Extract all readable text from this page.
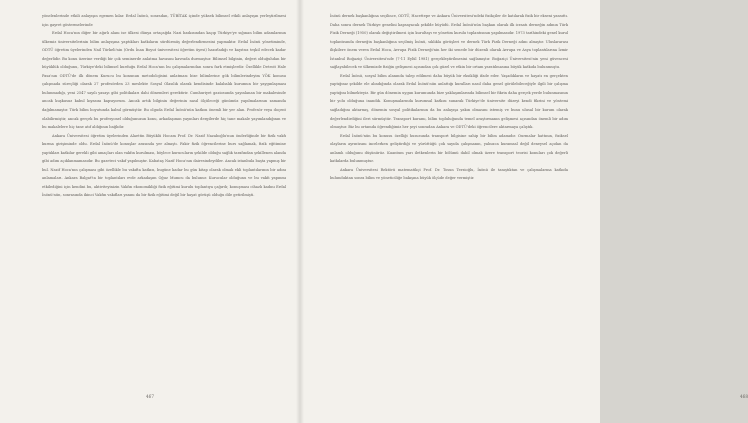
yönelenlerinde etkili anlayışın egemen kılar. Erdal İnönü, sonradan, TÜBİTAK içinde yüksek bilimsel etkili anlayışın yerleştirilmesi için gayret göstermelerinde

Erdal Hoca'nın diğer bir ağırlı alanı ise ülkesi dünya ortaçağda Nazi baskısından kaçıp Türkiye'ye sığınan bilim adamlarının ülkemiz üniversitelerinin bilim anlayışına yaptıkları katkıların sürdürmüş değerlendirmesini yapmaktır. Erdal İnönü yönetiminde, ODTÜ öğretim üyelerinden Nail Türkeli'nin (Ordu İnan Boyut üniversitesi öğretim üyesi) hazırladığı ve kayıtsız teşkil edecek kadar değerlidir. Bu konu üzerine verdiği bir çok seminerde anlatma havasını kavrada durmuştur. Bilimsel bilginin, değeri olduğuhdan bir büyüklük olduğunu, Türkiye'deki bilimsel kurduğu Erdal Hoca'nın bu çalışmalarından sonra fark etmişlerdir. Özellikle Detroit Hale Pasa'nın ODTÜ'de ilk dönem Kurucu bu konunun metodolojisini anlatması bize bilimlerine gök bilimlerindeyim YÖK konusu çalışmada süreçliği olarak 27 profesörden 23 meslekte Sosyal Olasılık olarak kendisinde kalabalık kurumun bir yaygınlaşması bulunmadığı, yeni 2547 sayılı yasayı gibi politikaları dahi dönemleri gerektirir. Cumhuriyet gaziosunda yayınlanan bir makalesinde ancak kuşkusuz kabul kıyasını kapsıyorum. Ancak artık bilginin değerinin nasıl ölçüleceği günümüz yapılmalarının zamanda dağılmamıştır. Türk bilim boyutunda kabul görmüştür. Bu olguda Erdal İnönü'nün katkısı önemli bir yer alan. Profesör veya doçent olabilirmiştir, ancak gerçek bu profesyonel olduğunuzun konu, arkadaşımın yayınları dergilerde hiç tane makale yayımlandığının ve bu makalelere hiç tane atıf aldığının bağlıdır.

Ankara Üniversitesi öğretim üyelerinden Alaettin Büyüklü Hocam Prof. Dr. Nazif Nazaboğlu'nun önderliğinde bir fizik vakfı kurma girişiminde oldu. Erdal İnönü'de konuşlar arasında yer almıştı. Fakir fizik öğrencilerine burs sağlamak, fizik eğitimine yaptıkları katkılar gerekli gibi amaçları olan vakfın kurulması, böylece kurucuların şekilde olduğu sağlık tarafından şekillenen alanda gibi adım açıklanmamasıdır. Bu gazeteci vakıf yapılmıştır. Kabataş Nazif Hoca'nın dairesindeydiler. Ancak istanbula başta yapmış bir bul. Nazif Hoca'nın çalışması gibi özellikle bu vakıfta katkısı, bugüne kadar bu gün kitap olarak olmak ekli toplantılarının bir adını anlamaları. Ankara Balgat'ta bir toplantıları evde arkadaşım Oğuz Mumcu da bulunur. Kurucular olduğunu ve bu vakfı yapınmı etkilediğini için kendini bu, aktiviteyinizin Vakfın ekonomikliği fizik eğitimi kurulu toplantıya çağırdı; konuşması cihazlı kadını Erdal İnönü'nün, sonrasında ikinci Vakfın vakıfları yanını da bir fizik eğitimi değil bir hayat görüşü olduğu dile getirilmişti.

467

İnönü dernek başkanlığına seçilince, ODTÜ, Hacettepe ve Ankara Üniversitesi'ndeki fizikçiler de katılarak fizik bir ekseni yansıttı. Daha sonra dernek Türkiye genelini kapsayacak şekilde büyüdü. Erdal İnönü'nün başkan olarak ilk icraatı derneğin adının Türk Fizik Derneği (1950) olarak değiştirilmesi için kurultayı ve yönetim kurulu toplantısının yapılmasıdır. 1973 tarihindeki genel kurul toplantısında derneğin başkanlığına seçilmiş İnönü, sıklıkla görüşleri ve dernek Türk Fizik Derneği adını almıştır. Uluslararası ilişkilere önem veren Erdal Hoca, Avrupa Fizik Derneği'nin her iki senede bir düzenli olarak Avrupa ve Asya toplantılarına İzmir İstanbul Boğaziçi Üniversitesi'nde (7-11 Eylül 1981) gerçekleştirilmesini sağlamıştır. Boğaziçi Üniversitesi'nin yeni güvencesi sağlayabilecek ve ülkemizde fiziğin gelişmesi açısından çok güzel ve etkin bir ortam yaratılmasına büyük katkıda bulunmuştu.

Erdal İnönü, sosyal bilim alanında talep edilmesi daha büyük bir eksikliği ifade eder. Yaşadıkların ve hayatı en gerçekten yaptığınız şekilde ele alındığında olarak Erdal İnönü'nün anlattığı kuralları nasıl daha genel görülebileceğiyle ilgili bir çalışma yaptığını bilmekteyiz. Bir gün dönemin uygun kurumunda bize yaklaşımlarında bilimsel bir fikrin daha gerçek yerde bulunmasının bir yolu olduğuna inandık. Konuşmalarında kurumsal katkısı sunarak Türkiye'de üniversite düzeyi kendi fikrini ve yöntemi sağladığını aktarmış, dönemin sosyal politikalarının da bu anlayışa yakın olmasını istemiş ve bunu ulusal bir kurum olarak değerlendirdiğini ileri sürmüştür. Transport kuramı, bilim topluluğunda temel araştırmanın gelişmesi açısından önemli bir adım olmuştur. Biz bu ortamda öğrendiğimiz her şeyi sonradan Ankara ve ODTÜ'deki öğrencilere aktarmaya çalıştık.

Erdal İnönü'nün bu konusu özelliği hususunda transport bilgisine sahip bir bilim adamıdır. Ourmalar hattının, fiziksel olayların ayrıntısını incelerken geliştirdiği ve yürüttüğü çok sayıda çalışmanın, yalnızca kuramsal değil deneysel açıdan da anlamlı olduğunu düşünürüz. Kuantum yarı iletkenlerin bir bölümü dahil olmak üzere transport teorisi konuları çok değerli katkılarda bulunmuştur.

Ankara Üniversitesi Rektörü matematikçi Prof. Dr. Tosun Terzioğlu, İnönü ile tanıştıktan ve çalışmalarına katkıda bulunduktan sonra bilim ve yöneticiliğe bakışına büyük ölçüde değer vermiştir.

468
